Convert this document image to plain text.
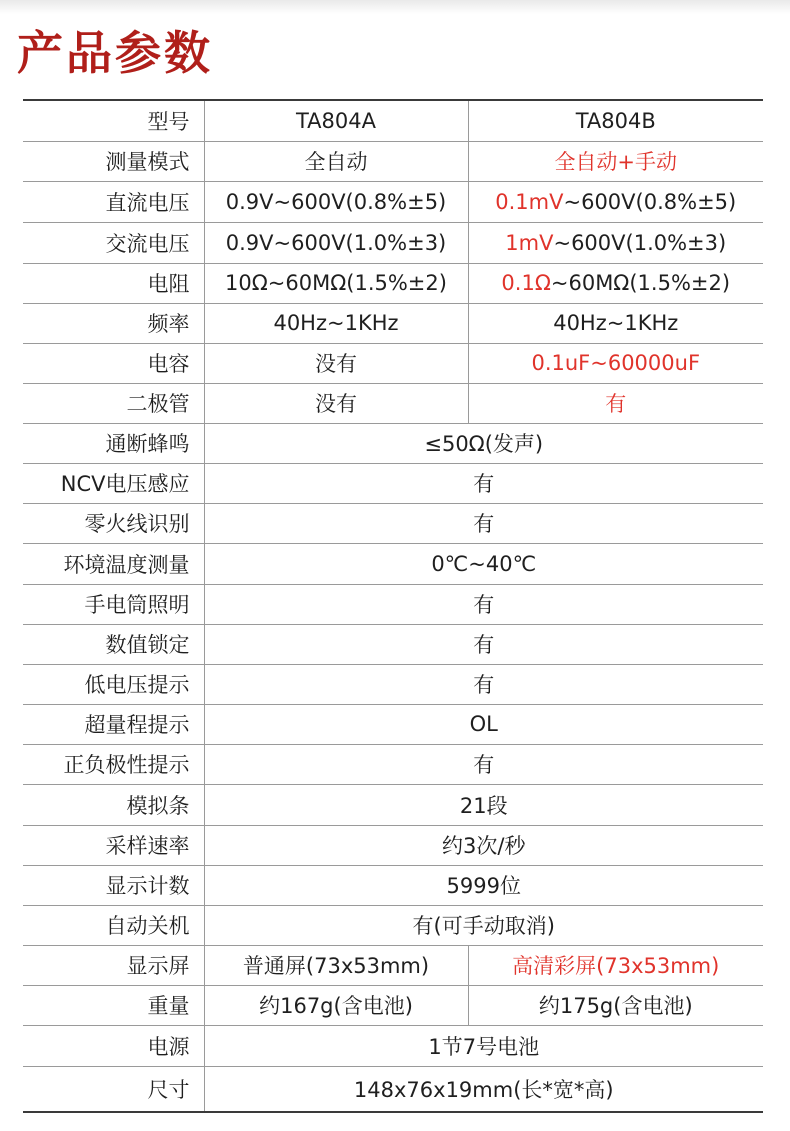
产品参数
型号	TA804A	TA804B
测量模式	全自动	全自动+手动
直流电压	0.9V~600V(0.8%±5)	0.1mV~600V(0.8%±5)
交流电压	0.9V~600V(1.0%±3)	1mV~600V(1.0%±3)
电阻	10Ω~60MΩ(1.5%±2)	0.1Ω~60MΩ(1.5%±2)
频率	40Hz~1KHz	40Hz~1KHz
电容	没有	0.1uF~60000uF
二极管	没有	有
通断蜂鸣	≤50Ω(发声)	
NCV电压感应	有	
零火线识别	有	
环境温度测量	0℃~40℃	
手电筒照明	有	
数值锁定	有	
低电压提示	有	
超量程提示	OL	
正负极性提示	有	
模拟条	21段	
采样速率	约3次/秒	
显示计数	5999位	
自动关机	有(可手动取消)	
显示屏	普通屏(73x53mm)	高清彩屏(73x53mm)
重量	约167g(含电池)	约175g(含电池)
电源	1节7号电池	
尺寸	148x76x19mm(长*宽*高)	
